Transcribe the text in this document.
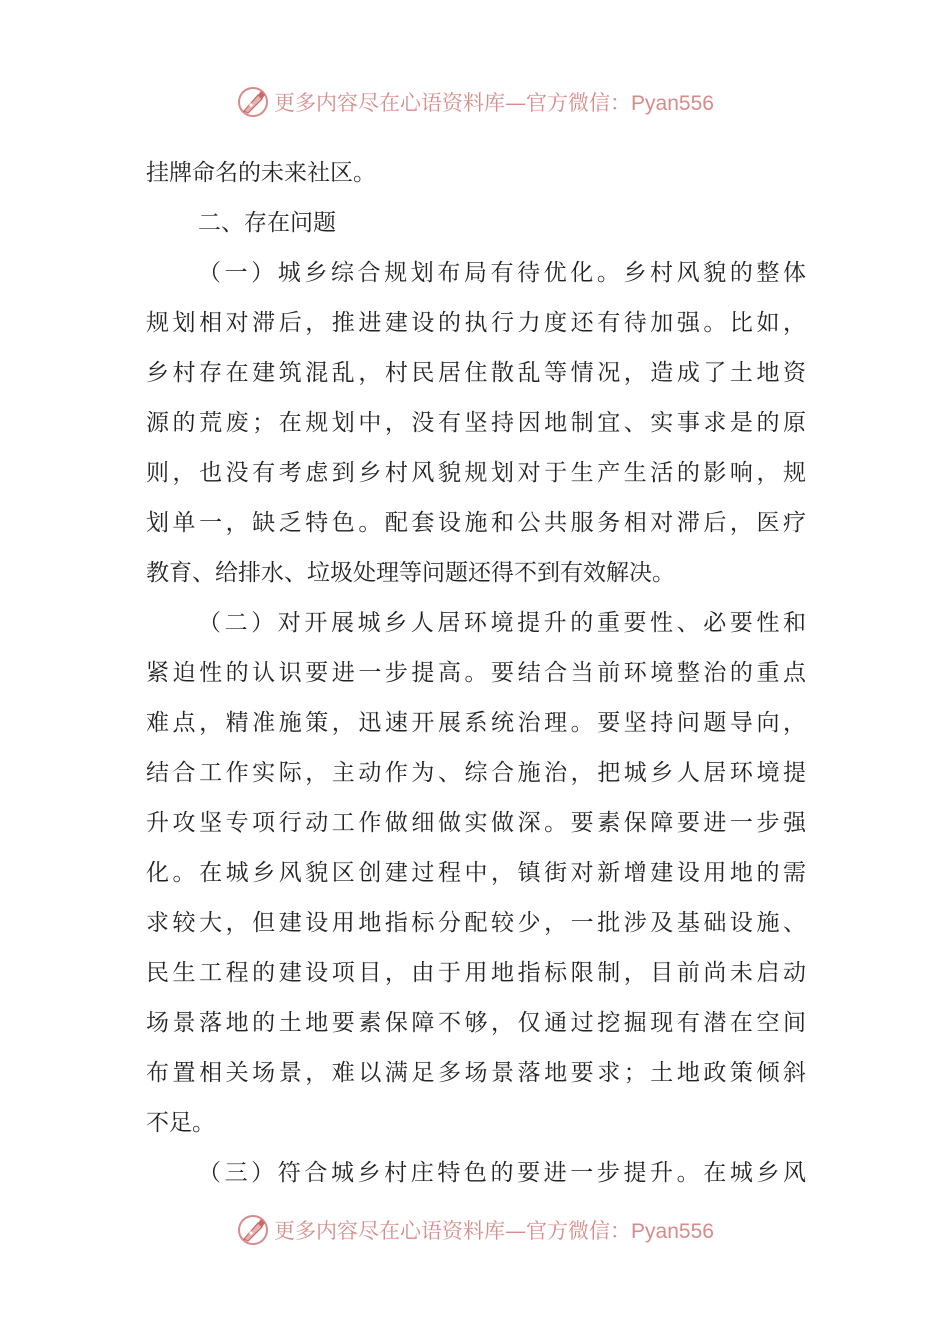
更多内容尽在心语资料库—官方微信：Pyan556
挂牌命名的未来社区。
二、存在问题
（一）城乡综合规划布局有待优化。乡村风貌的整体
规划相对滞后，推进建设的执行力度还有待加强。比如，
乡村存在建筑混乱，村民居住散乱等情况，造成了土地资
源的荒废；在规划中，没有坚持因地制宜、实事求是的原
则，也没有考虑到乡村风貌规划对于生产生活的影响，规
划单一，缺乏特色。配套设施和公共服务相对滞后，医疗
教育、给排水、垃圾处理等问题还得不到有效解决。
（二）对开展城乡人居环境提升的重要性、必要性和
紧迫性的认识要进一步提高。要结合当前环境整治的重点
难点，精准施策，迅速开展系统治理。要坚持问题导向，
结合工作实际，主动作为、综合施治，把城乡人居环境提
升攻坚专项行动工作做细做实做深。要素保障要进一步强
化。在城乡风貌区创建过程中，镇街对新增建设用地的需
求较大，但建设用地指标分配较少，一批涉及基础设施、
民生工程的建设项目，由于用地指标限制，目前尚未启动
场景落地的土地要素保障不够，仅通过挖掘现有潜在空间
布置相关场景，难以满足多场景落地要求；土地政策倾斜
不足。
（三）符合城乡村庄特色的要进一步提升。在城乡风
更多内容尽在心语资料库—官方微信：Pyan556
